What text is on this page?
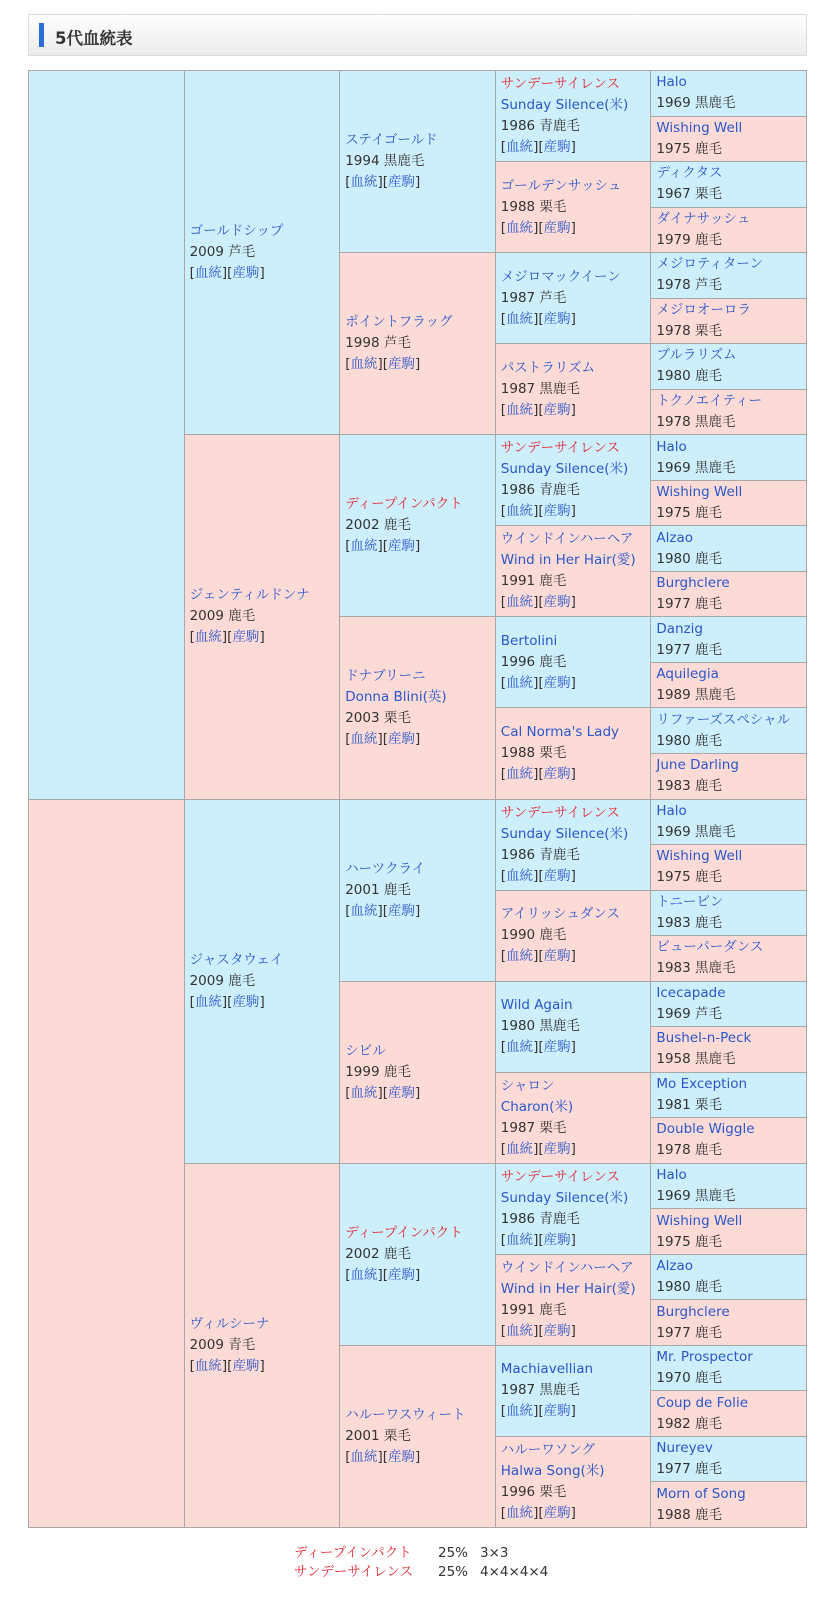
5代血統表

	ゴールドシップ
2009 芦毛
[血統][産駒]	ステイゴールド
1994 黒鹿毛
[血統][産駒]	サンデーサイレンス
Sunday Silence(米)
1986 青鹿毛
[血統][産駒]	Halo
1969 黒鹿毛

				Wishing Well
1975 鹿毛

			ゴールデンサッシュ
1988 栗毛
[血統][産駒]	ディクタス
1967 栗毛

				ダイナサッシュ
1979 鹿毛

		ポイントフラッグ
1998 芦毛
[血統][産駒]	メジロマックイーン
1987 芦毛
[血統][産駒]	メジロティターン
1978 芦毛

				メジロオーロラ
1978 栗毛

			パストラリズム
1987 黒鹿毛
[血統][産駒]	ブルラリズム
1980 鹿毛

				トクノエイティー
1978 黒鹿毛

	ジェンティルドンナ
2009 鹿毛
[血統][産駒]	ディープインパクト
2002 鹿毛
[血統][産駒]	サンデーサイレンス
Sunday Silence(米)
1986 青鹿毛
[血統][産駒]	Halo
1969 黒鹿毛

				Wishing Well
1975 鹿毛

			ウインドインハーヘア
Wind in Her Hair(愛)
1991 鹿毛
[血統][産駒]	Alzao
1980 鹿毛

				Burghclere
1977 鹿毛

		ドナブリーニ
Donna Blini(英)
2003 栗毛
[血統][産駒]	Bertolini
1996 鹿毛
[血統][産駒]	Danzig
1977 鹿毛

				Aquilegia
1989 黒鹿毛

			Cal Norma's Lady
1988 栗毛
[血統][産駒]	リファーズスペシャル
1980 鹿毛

				June Darling
1983 鹿毛

	ジャスタウェイ
2009 鹿毛
[血統][産駒]	ハーツクライ
2001 鹿毛
[血統][産駒]	サンデーサイレンス
Sunday Silence(米)
1986 青鹿毛
[血統][産駒]	Halo
1969 黒鹿毛

				Wishing Well
1975 鹿毛

			アイリッシュダンス
1990 鹿毛
[血統][産駒]	トニービン
1983 鹿毛

				ビューパーダンス
1983 黒鹿毛

		シビル
1999 鹿毛
[血統][産駒]	Wild Again
1980 黒鹿毛
[血統][産駒]	Icecapade
1969 芦毛

				Bushel-n-Peck
1958 黒鹿毛

			シャロン
Charon(米)
1987 栗毛
[血統][産駒]	Mo Exception
1981 栗毛

				Double Wiggle
1978 鹿毛

	ヴィルシーナ
2009 青毛
[血統][産駒]	ディープインパクト
2002 鹿毛
[血統][産駒]	サンデーサイレンス
Sunday Silence(米)
1986 青鹿毛
[血統][産駒]	Halo
1969 黒鹿毛

				Wishing Well
1975 鹿毛

			ウインドインハーヘア
Wind in Her Hair(愛)
1991 鹿毛
[血統][産駒]	Alzao
1980 鹿毛

				Burghclere
1977 鹿毛

		ハルーワスウィート
2001 栗毛
[血統][産駒]	Machiavellian
1987 黒鹿毛
[血統][産駒]	Mr. Prospector
1970 鹿毛

				Coup de Folie
1982 鹿毛

			ハルーワソング
Halwa Song(米)
1996 栗毛
[血統][産駒]	Nureyev
1977 鹿毛

				Morn of Song
1988 鹿毛
ディープインパクト 25% 3×3
サンデーサイレンス 25% 4×4×4×4
